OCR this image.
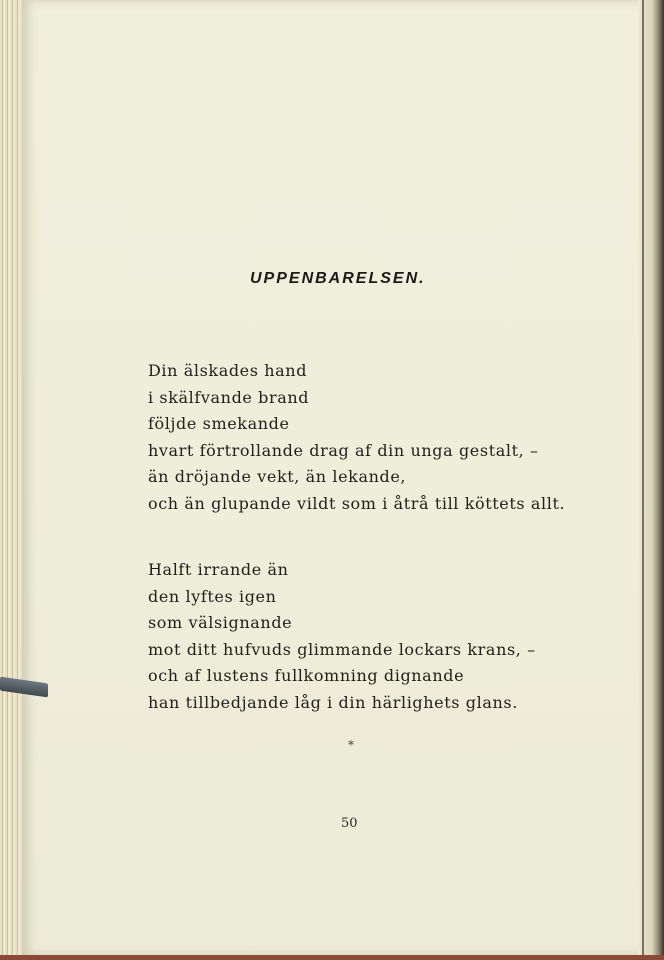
UPPENBARELSEN.
Din älskades hand
i skälfvande brand
följde smekande
hvart förtrollande drag af din unga gestalt, –
än dröjande vekt, än lekande,
och än glupande vildt som i åtrå till köttets allt.
Halft irrande än
den lyftes igen
som välsignande
mot ditt hufvuds glimmande lockars krans, –
och af lustens fullkomning dignande
han tillbedjande låg i din härlighets glans.
*
50
